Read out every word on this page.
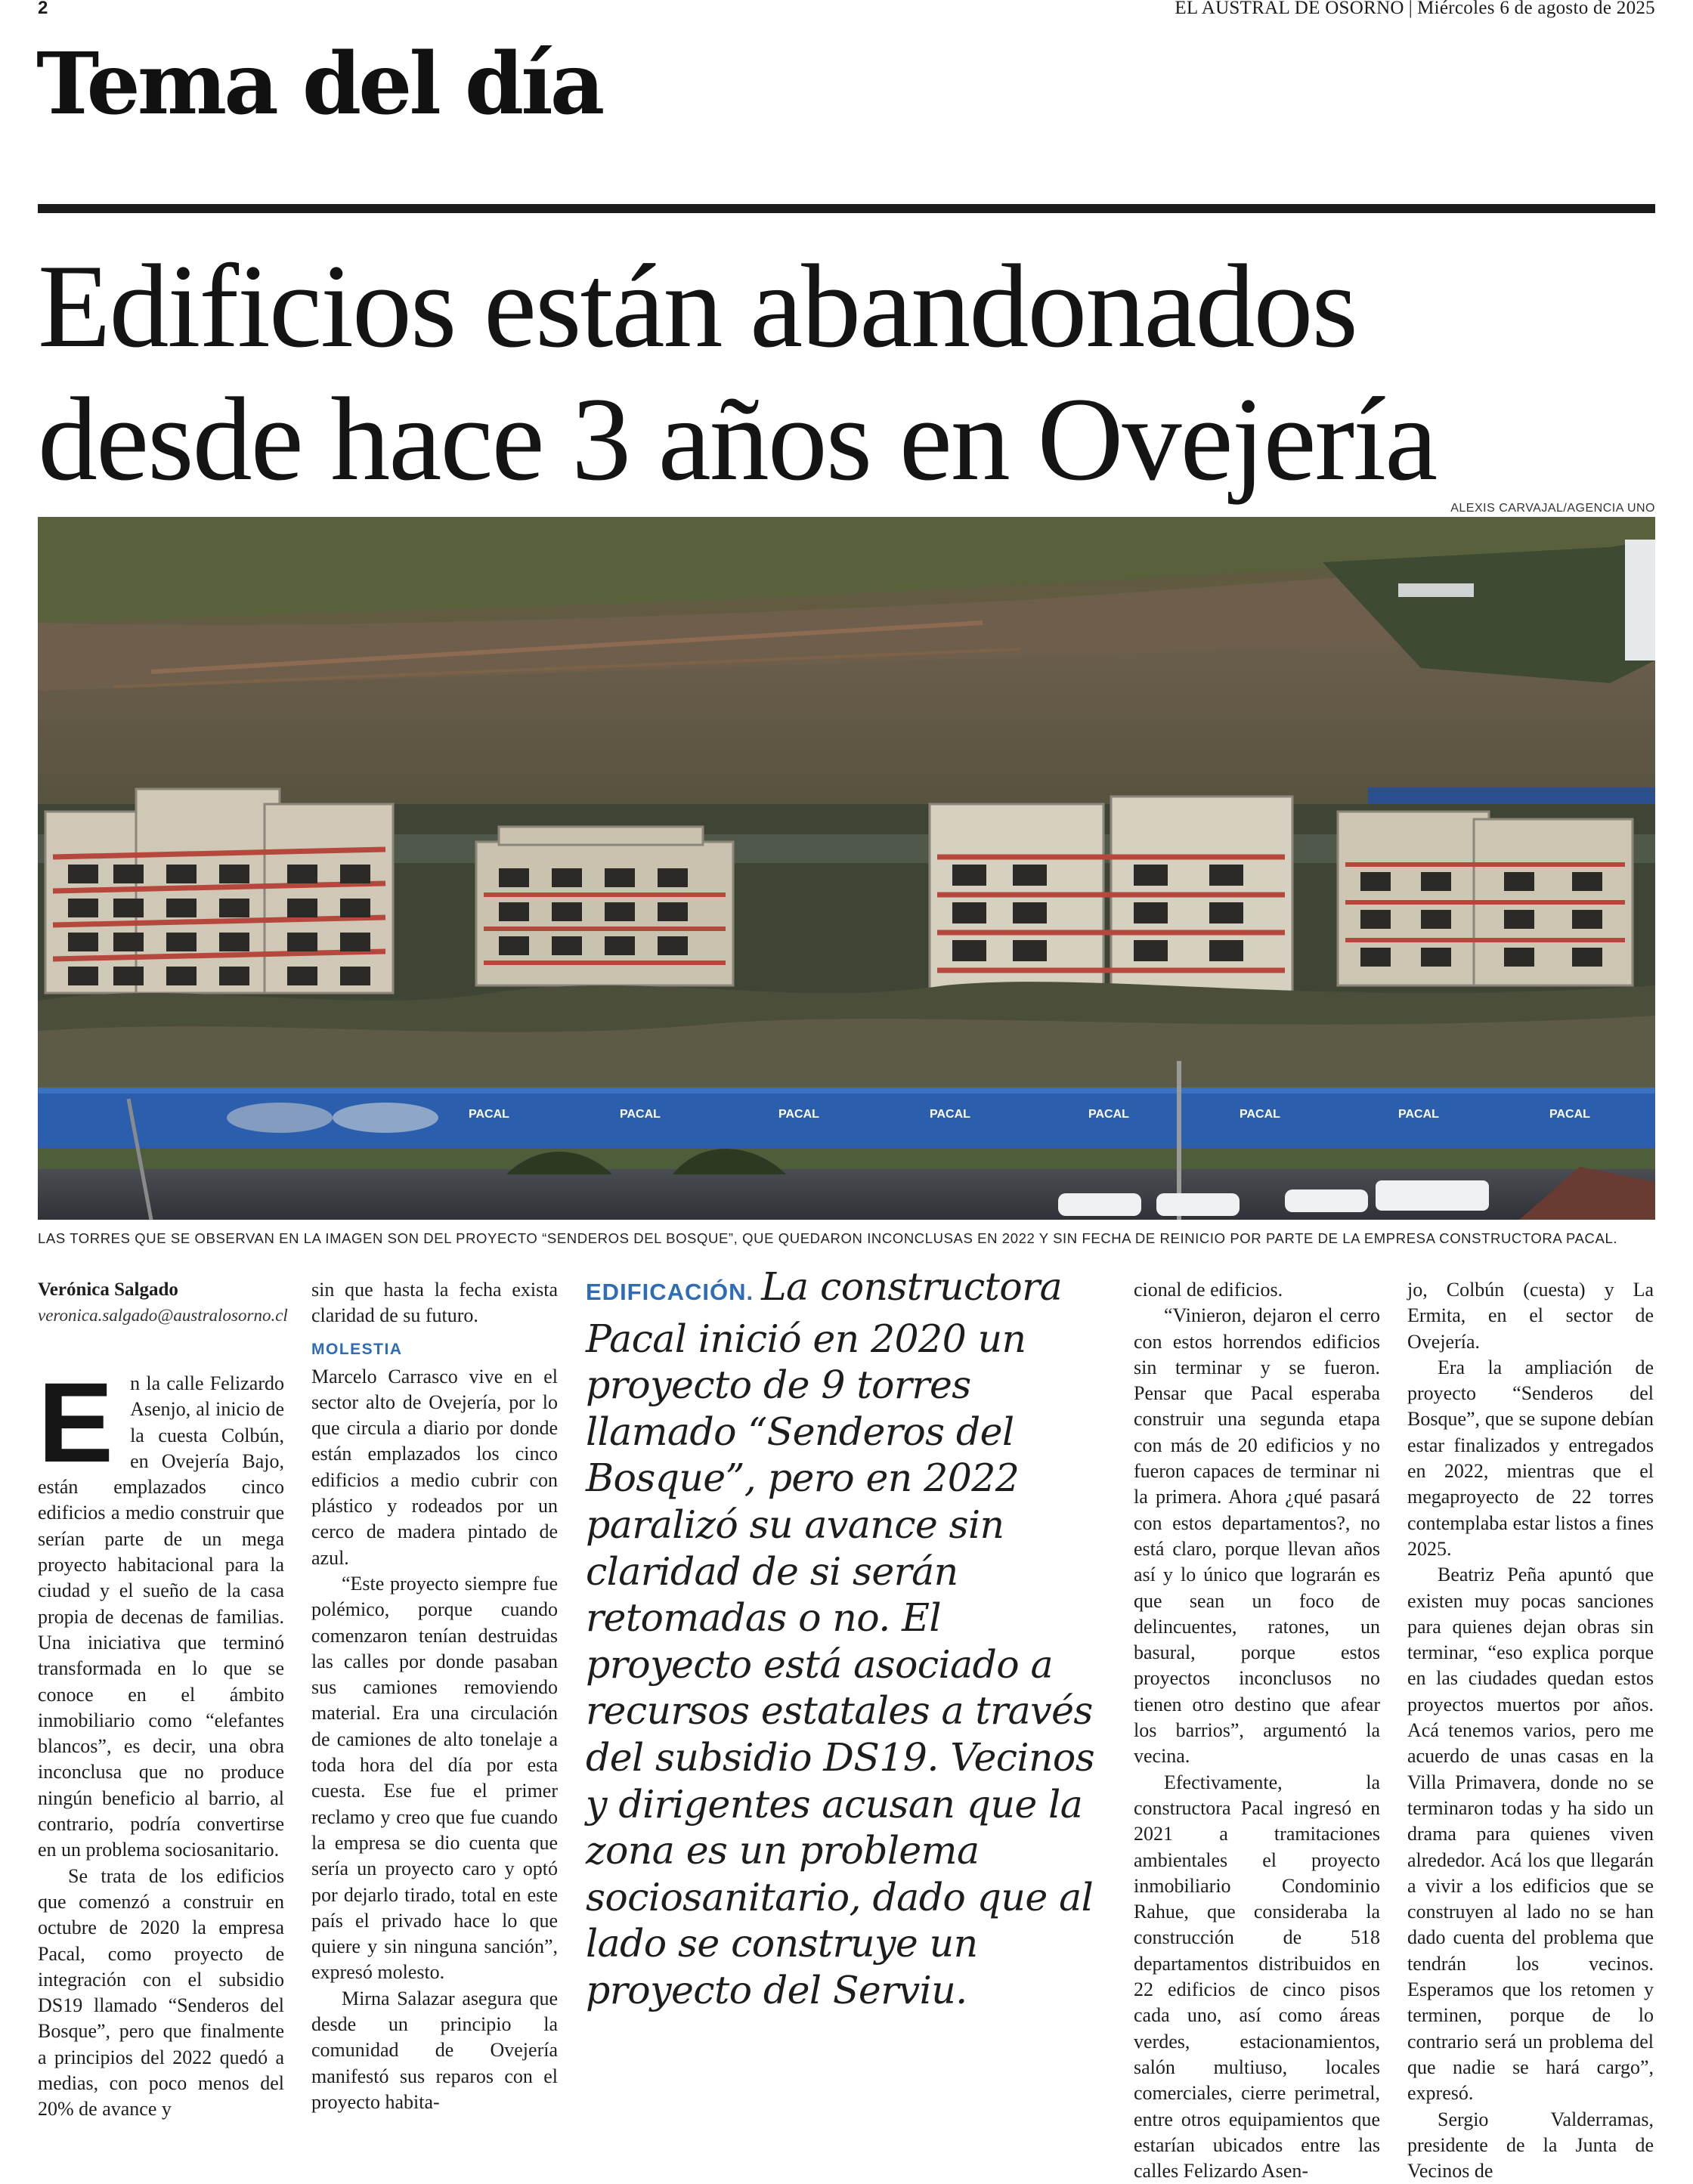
2	EL AUSTRAL DE OSORNO | Miércoles 6 de agosto de 2025
Tema del día
Edificios están abandonados
desde hace 3 años en Ovejería
ALEXIS CARVAJAL/AGENCIA UNO
PACAL	PACAL	PACAL	PACAL	PACAL	PACAL	PACAL	PACAL
LAS TORRES QUE SE OBSERVAN EN LA IMAGEN SON DEL PROYECTO “SENDEROS DEL BOSQUE”, QUE QUEDARON INCONCLUSAS EN 2022 Y SIN FECHA DE REINICIO POR PARTE DE LA EMPRESA CONSTRUCTORA PACAL.
Verónica Salgado
veronica.salgado@australosorno.cl

En la calle Felizardo Asenjo, al inicio de la cuesta Colbún, en Ovejería Bajo, están emplazados cinco edificios a medio construir que serían parte de un mega proyecto habitacional para la ciudad y el sueño de la casa propia de decenas de familias. Una iniciativa que terminó transformada en lo que se conoce en el ámbito inmobiliario como “elefantes blancos”, es decir, una obra inconclusa que no produce ningún beneficio al barrio, al contrario, podría convertirse en un problema sociosanitario.

Se trata de los edificios que comenzó a construir en octubre de 2020 la empresa Pacal, como proyecto de integración con el subsidio DS19 llamado “Senderos del Bosque”, pero que finalmente a principios del 2022 quedó a medias, con poco menos del 20% de avance y

sin que hasta la fecha exista claridad de su futuro.

MOLESTIA

Marcelo Carrasco vive en el sector alto de Ovejería, por lo que circula a diario por donde están emplazados los cinco edificios a medio cubrir con plástico y rodeados por un cerco de madera pintado de azul.

“Este proyecto siempre fue polémico, porque cuando comenzaron tenían destruidas las calles por donde pasaban sus camiones removiendo material. Era una circulación de camiones de alto tonelaje a toda hora del día por esta cuesta. Ese fue el primer reclamo y creo que fue cuando la empresa se dio cuenta que sería un proyecto caro y optó por dejarlo tirado, total en este país el privado hace lo que quiere y sin ninguna sanción”, expresó molesto.

Mirna Salazar asegura que desde un principio la comunidad de Ovejería manifestó sus reparos con el proyecto habita-

EDIFICACIÓN. La constructora Pacal inició en 2020 un proyecto de 9 torres llamado “Senderos del Bosque”, pero en 2022 paralizó su avance sin claridad de si serán retomadas o no. El proyecto está asociado a recursos estatales a través del subsidio DS19. Vecinos y dirigentes acusan que la zona es un problema sociosanitario, dado que al lado se construye un proyecto del Serviu.

cional de edificios.

“Vinieron, dejaron el cerro con estos horrendos edificios sin terminar y se fueron. Pensar que Pacal esperaba construir una segunda etapa con más de 20 edificios y no fueron capaces de terminar ni la primera. Ahora ¿qué pasará con estos departamentos?, no está claro, porque llevan años así y lo único que lograrán es que sean un foco de delincuentes, ratones, un basural, porque estos proyectos inconclusos no tienen otro destino que afear los barrios”, argumentó la vecina.

Efectivamente, la constructora Pacal ingresó en 2021 a tramitaciones ambientales el proyecto inmobiliario Condominio Rahue, que consideraba la construcción de 518 departamentos distribuidos en 22 edificios de cinco pisos cada uno, así como áreas verdes, estacionamientos, salón multiuso, locales comerciales, cierre perimetral, entre otros equipamientos que estarían ubicados entre las calles Felizardo Asen-

jo, Colbún (cuesta) y La Ermita, en el sector de Ovejería.

Era la ampliación de proyecto “Senderos del Bosque”, que se supone debían estar finalizados y entregados en 2022, mientras que el megaproyecto de 22 torres contemplaba estar listos a fines 2025.

Beatriz Peña apuntó que existen muy pocas sanciones para quienes dejan obras sin terminar, “eso explica porque en las ciudades quedan estos proyectos muertos por años. Acá tenemos varios, pero me acuerdo de unas casas en la Villa Primavera, donde no se terminaron todas y ha sido un drama para quienes viven alrededor. Acá los que llegarán a vivir a los edificios que se construyen al lado no se han dado cuenta del problema que tendrán los vecinos. Esperamos que los retomen y terminen, porque de lo contrario será un problema del que nadie se hará cargo”, expresó.

Sergio Valderramas, presidente de la Junta de Vecinos de
